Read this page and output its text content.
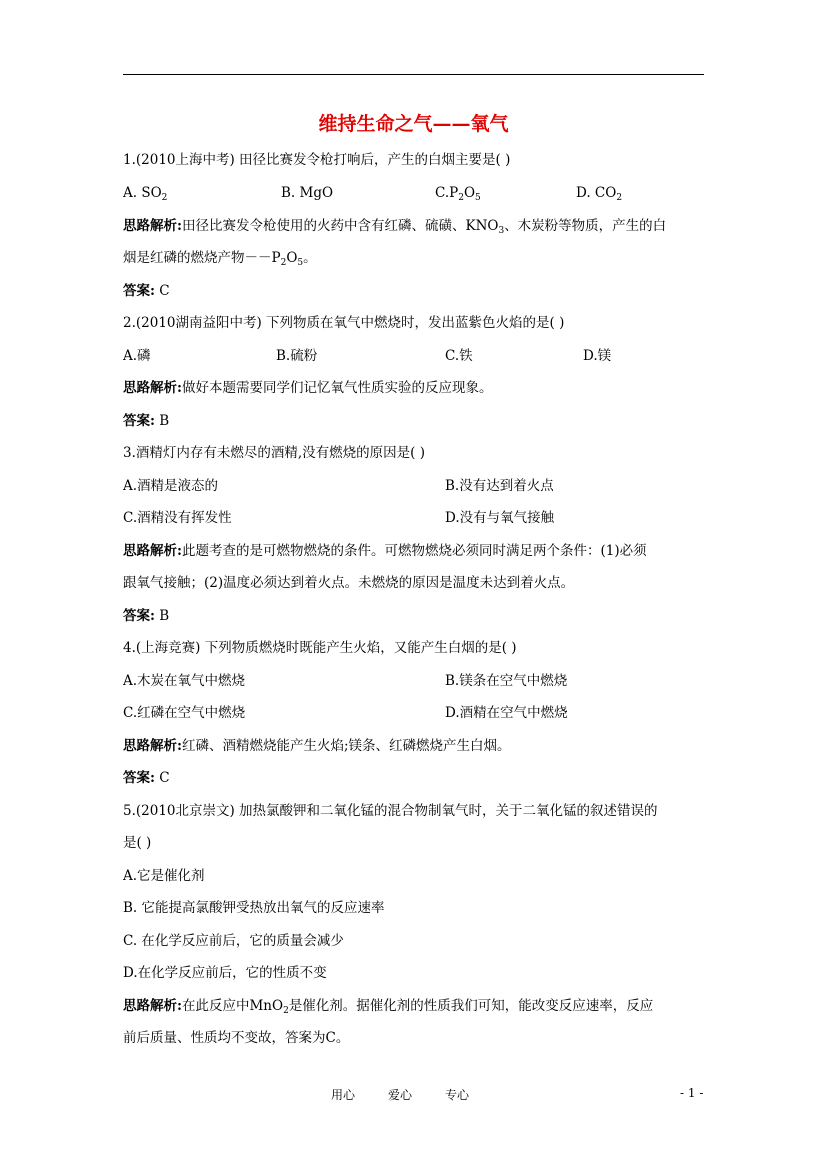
维持生命之气——氧气
1.(2010上海中考) 田径比赛发令枪打响后，产生的白烟主要是( )
A. $SO_2$	B. MgO	$C.P_2O_5$	D. $CO_2$
思路解析:田径比赛发令枪使用的火药中含有红磷、硫磺、$KNO_3$、木炭粉等物质，产生的白
烟是红磷的燃烧产物$--P_2O_5$。
答案: C
2.(2010湖南益阳中考) 下列物质在氧气中燃烧时，发出蓝紫色火焰的是( )
A.磷	B.硫粉	C.铁	D.镁
思路解析:做好本题需要同学们记忆氧气性质实验的反应现象。
答案: B
3.酒精灯内存有未燃尽的酒精,没有燃烧的原因是( )
A.酒精是液态的	B.没有达到着火点
C.酒精没有挥发性	D.没有与氧气接触
思路解析:此题考查的是可燃物燃烧的条件。可燃物燃烧必须同时满足两个条件：(1)必须
跟氧气接触；(2)温度必须达到着火点。未燃烧的原因是温度未达到着火点。
答案: B
4.(上海竞赛) 下列物质燃烧时既能产生火焰，又能产生白烟的是( )
A.木炭在氧气中燃烧	B.镁条在空气中燃烧
C.红磷在空气中燃烧	D.酒精在空气中燃烧
思路解析:红磷、酒精燃烧能产生火焰;镁条、红磷燃烧产生白烟。
答案: C
5.(2010北京崇文) 加热氯酸钾和二氧化锰的混合物制氧气时，关于二氧化锰的叙述错误的
是( )
A.它是催化剂
B. 它能提高氯酸钾受热放出氧气的反应速率
C. 在化学反应前后，它的质量会减少
D.在化学反应前后，它的性质不变
思路解析:在此反应中MnO$_2$是催化剂。据催化剂的性质我们可知，能改变反应速率，反应
前后质量、性质均不变故，答案为C。
用心	爱心	专心	- 1 -
